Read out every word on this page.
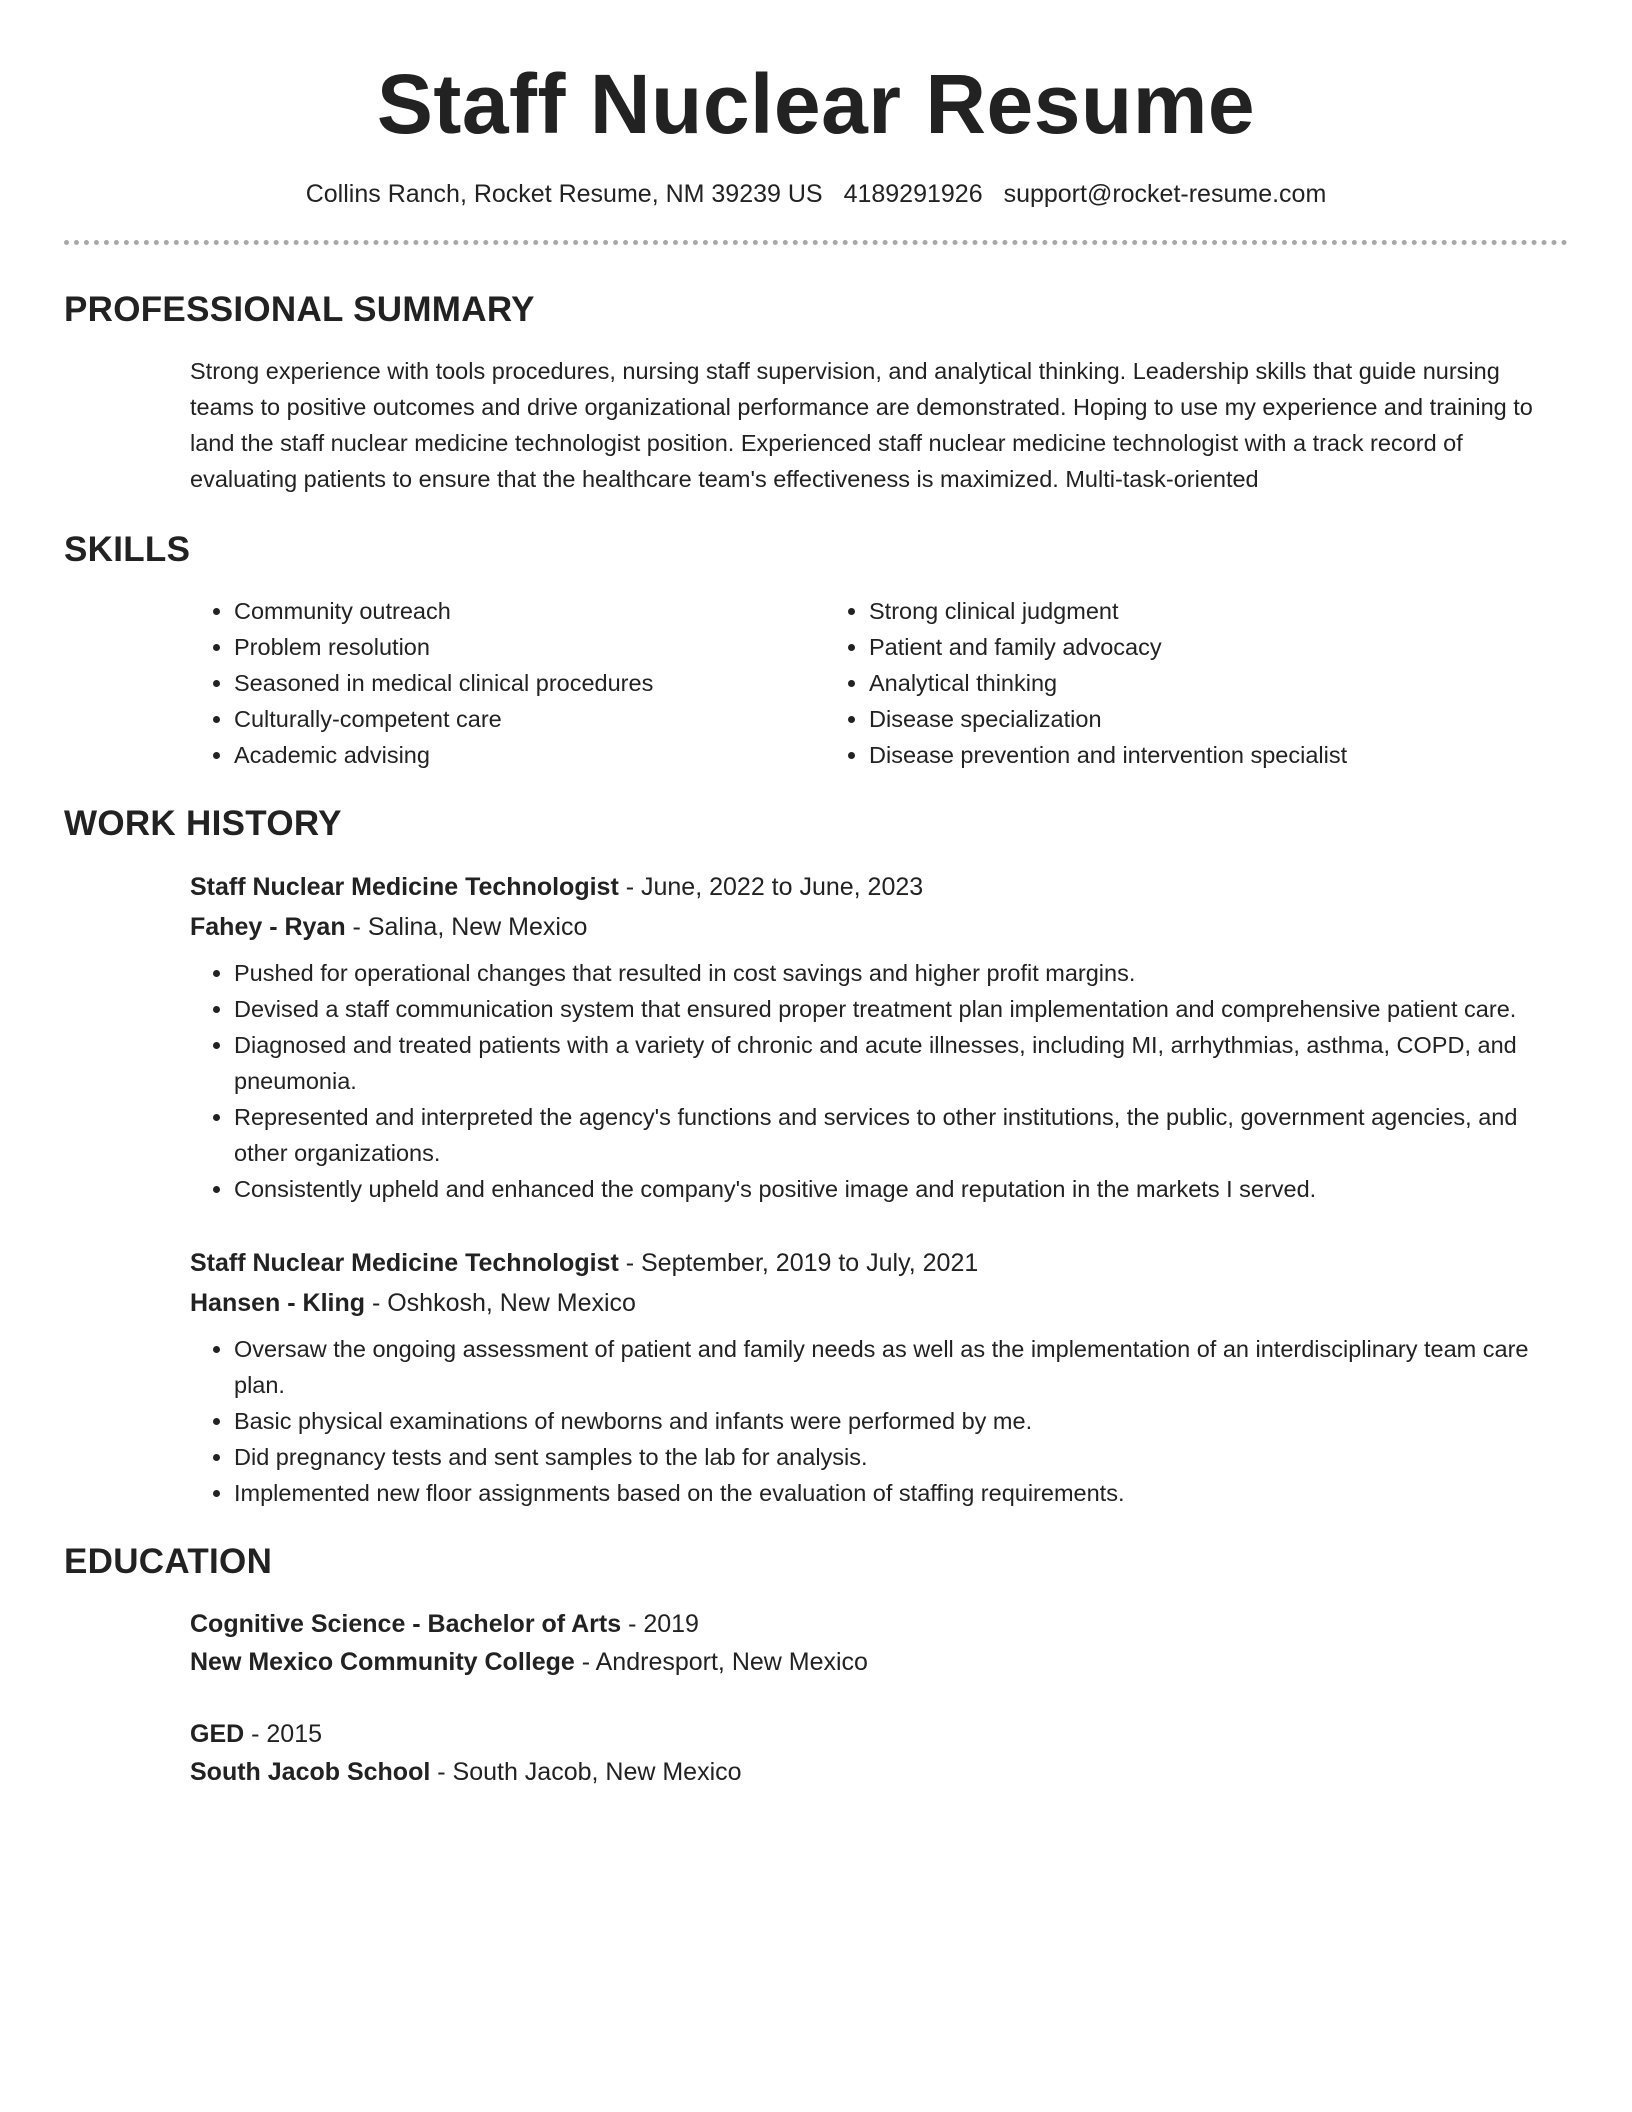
Staff Nuclear Resume
Collins Ranch, Rocket Resume, NM 39239 US 4189291926 support@rocket-resume.com
PROFESSIONAL SUMMARY

Strong experience with tools procedures, nursing staff supervision, and analytical thinking. Leadership skills that guide nursing teams to positive outcomes and drive organizational performance are demonstrated. Hoping to use my experience and training to land the staff nuclear medicine technologist position. Experienced staff nuclear medicine technologist with a track record of evaluating patients to ensure that the healthcare team's effectiveness is maximized. Multi-task-oriented

SKILLS
• Community outreach
• Problem resolution
• Seasoned in medical clinical procedures
• Culturally-competent care
• Academic advising
• Strong clinical judgment
• Patient and family advocacy
• Analytical thinking
• Disease specialization
• Disease prevention and intervention specialist
WORK HISTORY
Staff Nuclear Medicine Technologist - June, 2022 to June, 2023
Fahey - Ryan - Salina, New Mexico
• Pushed for operational changes that resulted in cost savings and higher profit margins.
• Devised a staff communication system that ensured proper treatment plan implementation and comprehensive patient care.
• Diagnosed and treated patients with a variety of chronic and acute illnesses, including MI, arrhythmias, asthma, COPD, and pneumonia.
• Represented and interpreted the agency's functions and services to other institutions, the public, government agencies, and other organizations.
• Consistently upheld and enhanced the company's positive image and reputation in the markets I served.
Staff Nuclear Medicine Technologist - September, 2019 to July, 2021
Hansen - Kling - Oshkosh, New Mexico
• Oversaw the ongoing assessment of patient and family needs as well as the implementation of an interdisciplinary team care plan.
• Basic physical examinations of newborns and infants were performed by me.
• Did pregnancy tests and sent samples to the lab for analysis.
• Implemented new floor assignments based on the evaluation of staffing requirements.
EDUCATION
Cognitive Science - Bachelor of Arts - 2019
New Mexico Community College - Andresport, New Mexico
GED - 2015
South Jacob School - South Jacob, New Mexico
